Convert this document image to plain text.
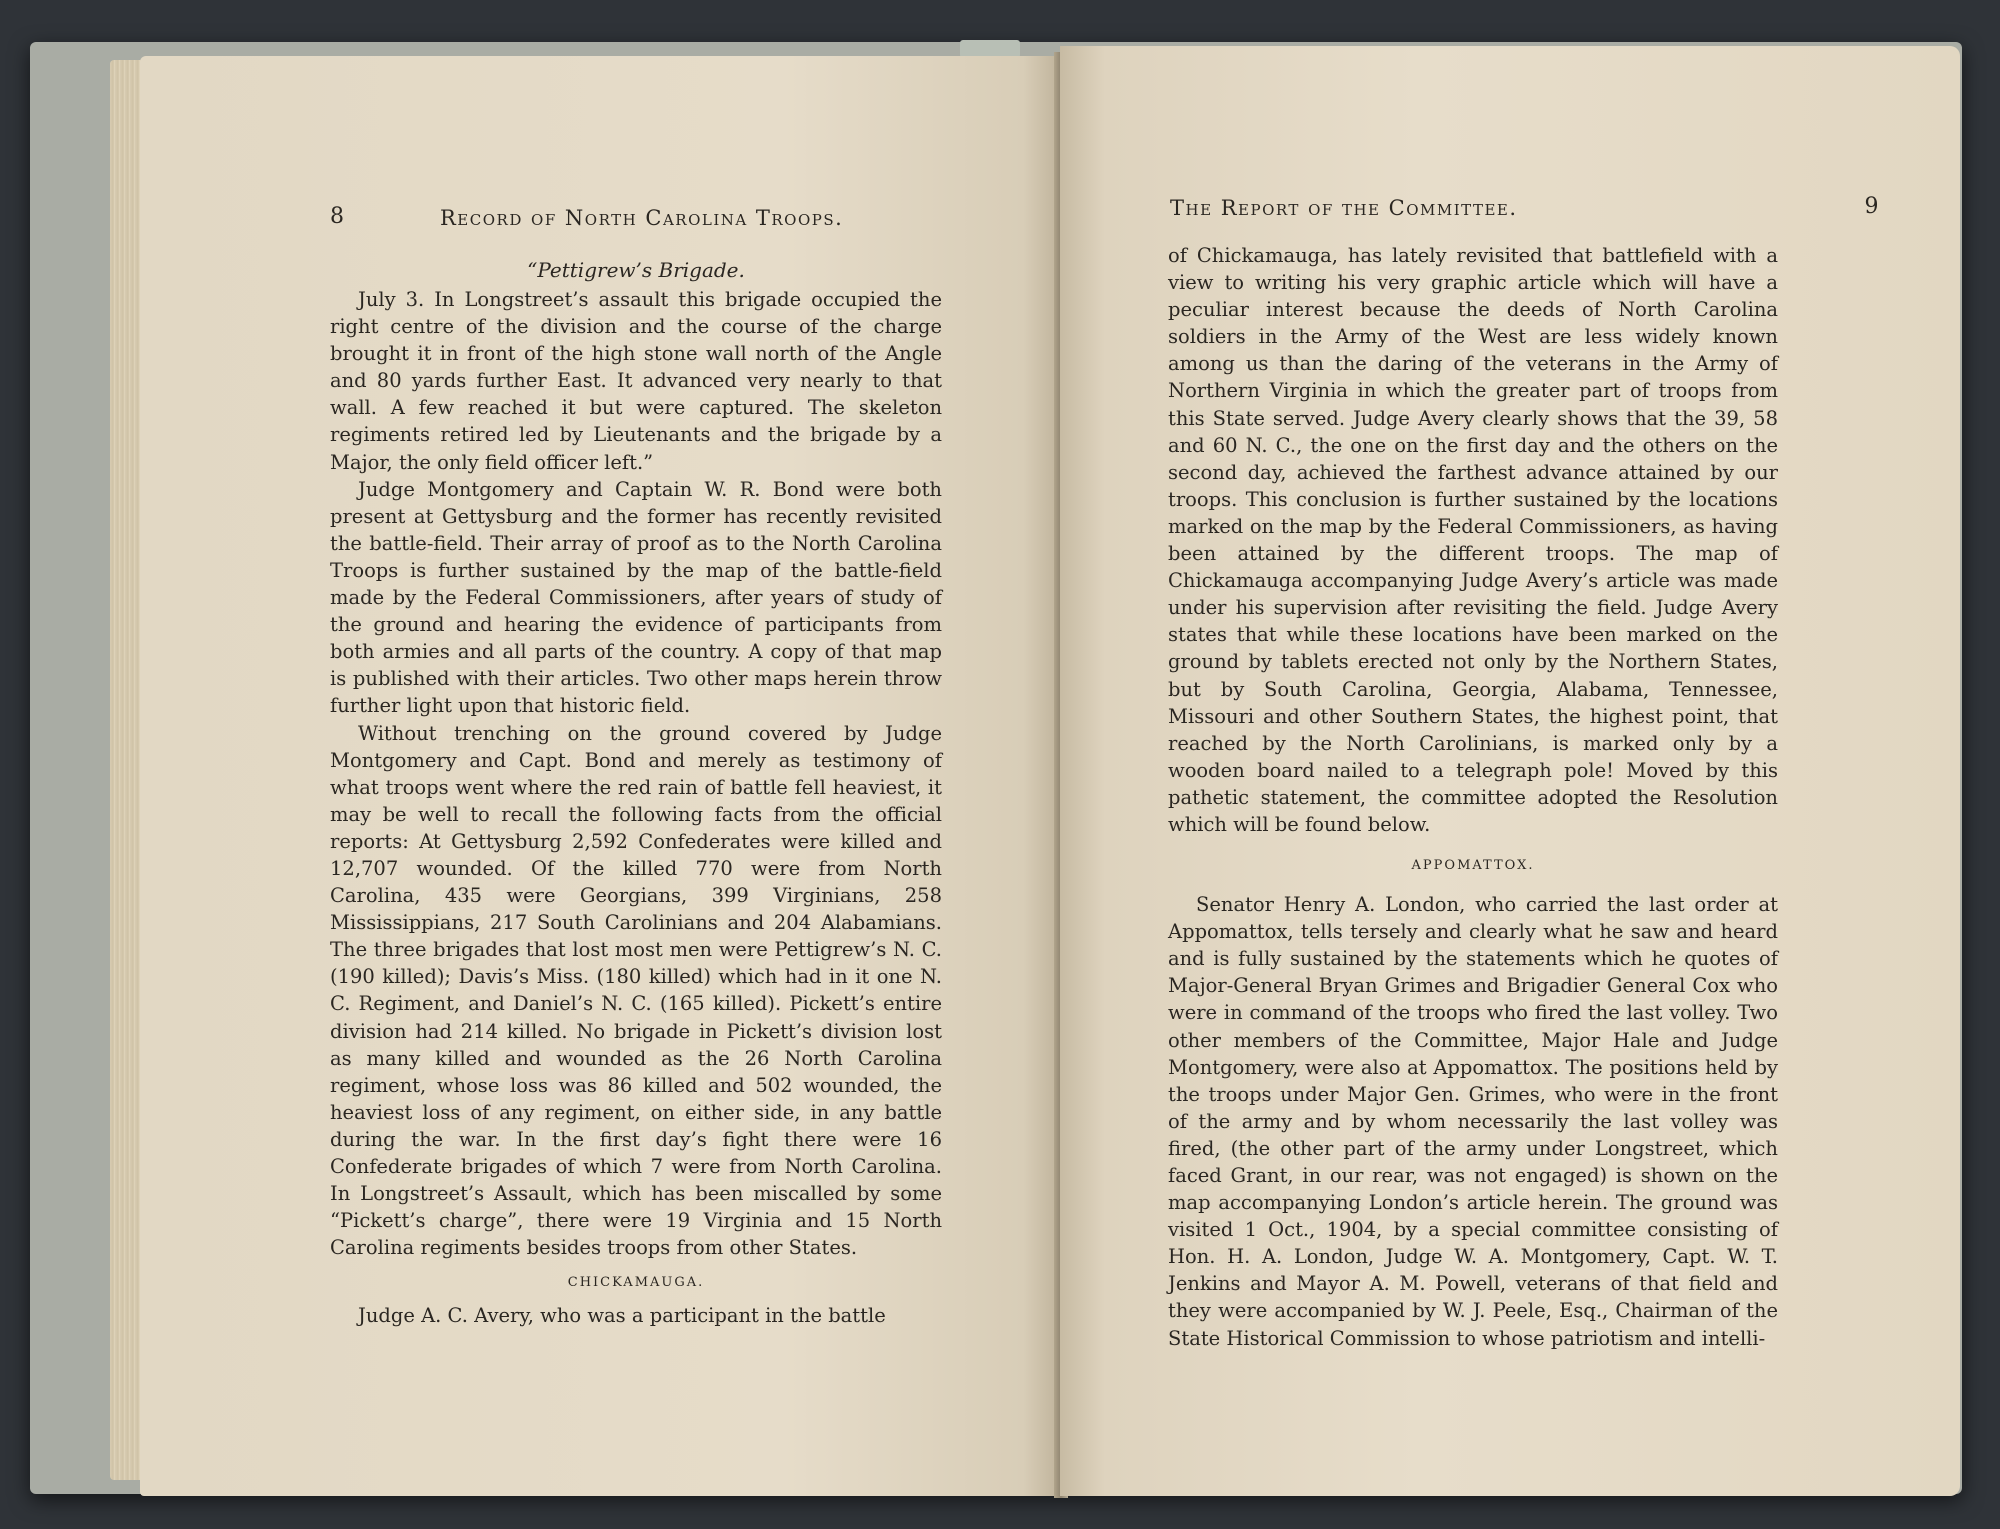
8	Record of North Carolina Troops.
“Pettigrew’s Brigade.

July 3. In Longstreet’s assault this brigade occupied the right centre of the division and the course of the charge brought it in front of the high stone wall north of the Angle and 80 yards further East. It advanced very nearly to that wall. A few reached it but were captured. The skeleton regiments retired led by Lieutenants and the brigade by a Major, the only field officer left.”

Judge Montgomery and Captain W. R. Bond were both present at Gettysburg and the former has recently revisited the battle-field. Their array of proof as to the North Carolina Troops is further sustained by the map of the battle-field made by the Federal Commissioners, after years of study of the ground and hearing the evidence of participants from both armies and all parts of the country. A copy of that map is published with their articles. Two other maps herein throw further light upon that historic field.

Without trenching on the ground covered by Judge Montgomery and Capt. Bond and merely as testimony of what troops went where the red rain of battle fell heaviest, it may be well to recall the following facts from the official reports: At Gettysburg 2,592 Confederates were killed and 12,707 wounded. Of the killed 770 were from North Carolina, 435 were Georgians, 399 Virginians, 258 Mississippians, 217 South Carolinians and 204 Alabamians. The three brigades that lost most men were Pettigrew’s N. C. (190 killed); Davis’s Miss. (180 killed) which had in it one N. C. Regiment, and Daniel’s N. C. (165 killed). Pickett’s entire division had 214 killed. No brigade in Pickett’s division lost as many killed and wounded as the 26 North Carolina regiment, whose loss was 86 killed and 502 wounded, the heaviest loss of any regiment, on either side, in any battle during the war. In the first day’s fight there were 16 Confederate brigades of which 7 were from North Carolina. In Longstreet’s Assault, which has been miscalled by some “Pickett’s charge”, there were 19 Virginia and 15 North Carolina regiments besides troops from other States.

CHICKAMAUGA.

Judge A. C. Avery, who was a participant in the battle

The Report of the Committee.	9

of Chickamauga, has lately revisited that battlefield with a view to writing his very graphic article which will have a peculiar interest because the deeds of North Carolina soldiers in the Army of the West are less widely known among us than the daring of the veterans in the Army of Northern Virginia in which the greater part of troops from this State served. Judge Avery clearly shows that the 39, 58 and 60 N. C., the one on the first day and the others on the second day, achieved the farthest advance attained by our troops. This conclusion is further sustained by the locations marked on the map by the Federal Commissioners, as having been attained by the different troops. The map of Chickamauga accompanying Judge Avery’s article was made under his supervision after revisiting the field. Judge Avery states that while these locations have been marked on the ground by tablets erected not only by the Northern States, but by South Carolina, Georgia, Alabama, Tennessee, Missouri and other Southern States, the highest point, that reached by the North Carolinians, is marked only by a wooden board nailed to a telegraph pole! Moved by this pathetic statement, the committee adopted the Resolution which will be found below.

APPOMATTOX.

Senator Henry A. London, who carried the last order at Appomattox, tells tersely and clearly what he saw and heard and is fully sustained by the statements which he quotes of Major-General Bryan Grimes and Brigadier General Cox who were in command of the troops who fired the last volley. Two other members of the Committee, Major Hale and Judge Montgomery, were also at Appomattox. The positions held by the troops under Major Gen. Grimes, who were in the front of the army and by whom necessarily the last volley was fired, (the other part of the army under Longstreet, which faced Grant, in our rear, was not engaged) is shown on the map accompanying London’s article herein. The ground was visited 1 Oct., 1904, by a special committee consisting of Hon. H. A. London, Judge W. A. Montgomery, Capt. W. T. Jenkins and Mayor A. M. Powell, veterans of that field and they were accompanied by W. J. Peele, Esq., Chairman of the State Historical Commission to whose patriotism and intelli-
